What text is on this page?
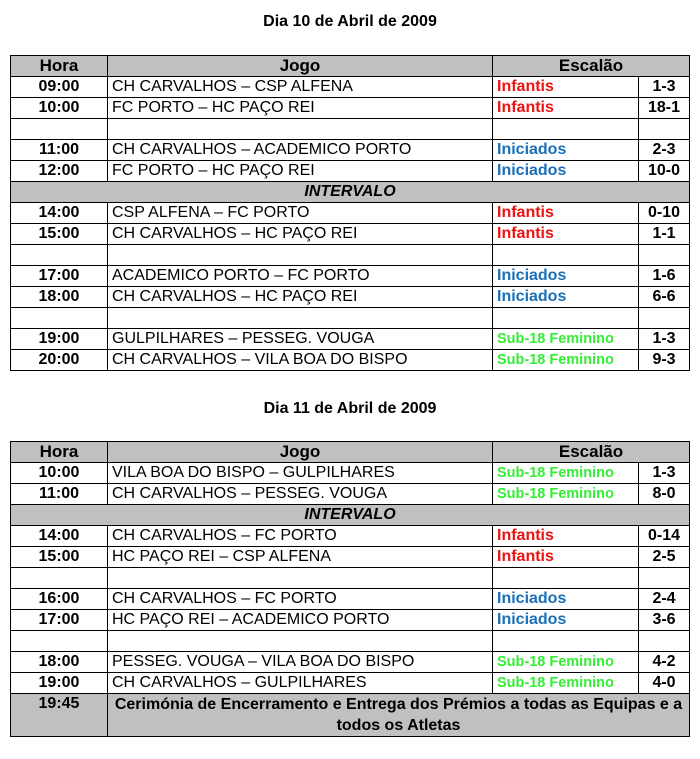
Dia 10 de Abril de 2009
Hora	Jogo	Escalão	
09:00	CH CARVALHOS – CSP ALFENA	Infantis	1-3
10:00	FC PORTO – HC PAÇO REI	Infantis	18-1

11:00	CH CARVALHOS – ACADEMICO PORTO	Iniciados	2-3
12:00	FC PORTO – HC PAÇO REI	Iniciados	10-0
INTERVALO			
14:00	CSP ALFENA – FC PORTO	Infantis	0-10
15:00	CH CARVALHOS – HC PAÇO REI	Infantis	1-1

17:00	ACADEMICO PORTO – FC PORTO	Iniciados	1-6
18:00	CH CARVALHOS – HC PAÇO REI	Iniciados	6-6

19:00	GULPILHARES – PESSEG. VOUGA	Sub-18 Feminino	1-3
20:00	CH CARVALHOS – VILA BOA DO BISPO	Sub-18 Feminino	9-3
Dia 11 de Abril de 2009
Hora	Jogo	Escalão	
10:00	VILA BOA DO BISPO – GULPILHARES	Sub-18 Feminino	1-3
11:00	CH CARVALHOS – PESSEG. VOUGA	Sub-18 Feminino	8-0
INTERVALO			
14:00	CH CARVALHOS – FC PORTO	Infantis	0-14
15:00	HC PAÇO REI – CSP ALFENA	Infantis	2-5

16:00	CH CARVALHOS – FC PORTO	Iniciados	2-4
17:00	HC PAÇO REI – ACADEMICO PORTO	Iniciados	3-6

18:00	PESSEG. VOUGA – VILA BOA DO BISPO	Sub-18 Feminino	4-2
19:00	CH CARVALHOS – GULPILHARES	Sub-18 Feminino	4-0
19:45	Cerimónia de Encerramento e Entrega dos Prémios a todas as Equipas e a todos os Atletas		
